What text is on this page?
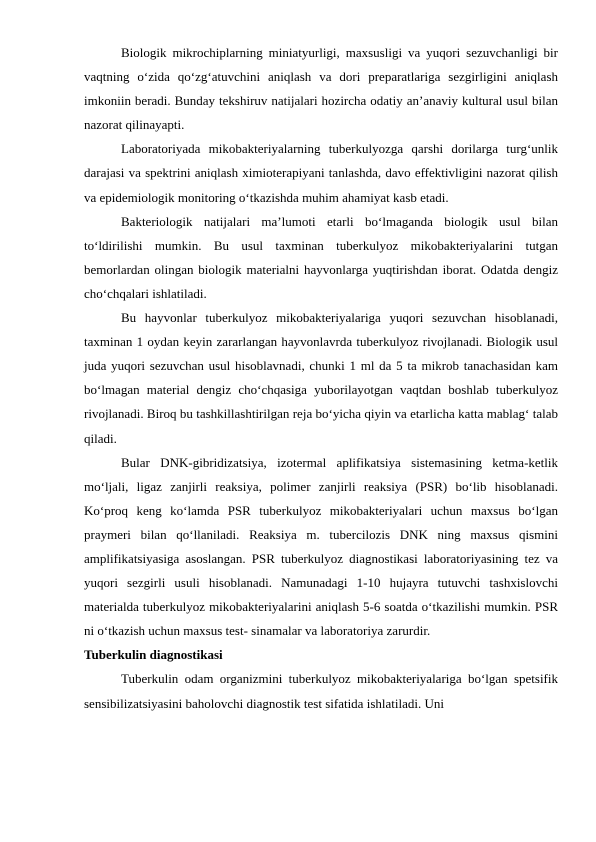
Biologik mikrochiplarning miniatyurligi, maxsusligi va yuqori sezuvchanligi bir vaqtning o‘zida qo‘zg‘atuvchini aniqlash va dori preparatlariga sezgirligini aniqlash imkoniin beradi. Bunday tekshiruv natijalari hozircha odatiy an’anaviy kultural usul bilan nazorat qilinayapti.

Laboratoriyada mikobakteriyalarning tuberkulyozga qarshi dorilarga turg‘unlik darajasi va spektrini aniqlash ximioterapiyani tanlashda, davo effektivligini nazorat qilish va epidemiologik monitoring o‘tkazishda muhim ahamiyat kasb etadi.

Bakteriologik natijalari ma’lumoti etarli bo‘lmaganda biologik usul bilan to‘ldirilishi mumkin. Bu usul taxminan tuberkulyoz mikobakteriyalarini tutgan bemorlardan olingan biologik materialni hayvonlarga yuqtirishdan iborat. Odatda dengiz cho‘chqalari ishlatiladi.

Bu hayvonlar tuberkulyoz mikobakteriyalariga yuqori sezuvchan hisoblanadi, taxminan 1 oydan keyin zararlangan hayvonlavrda tuberkulyoz rivojlanadi. Biologik usul juda yuqori sezuvchan usul hisoblavnadi, chunki 1 ml da 5 ta mikrob tanachasidan kam bo‘lmagan material dengiz cho‘chqasiga yuborilayotgan vaqtdan boshlab tuberkulyoz rivojlanadi. Biroq bu tashkillashtirilgan reja bo‘yicha qiyin va etarlicha katta mablag‘ talab qiladi.

Bular DNK-gibridizatsiya, izotermal aplifikatsiya sistemasining ketma-ketlik mo‘ljali, ligaz zanjirli reaksiya, polimer zanjirli reaksiya (PSR) bo‘lib hisoblanadi. Ko‘proq keng ko‘lamda PSR tuberkulyoz mikobakteriyalari uchun maxsus bo‘lgan praymeri bilan qo‘llaniladi. Reaksiya m. tubercilozis DNK ning maxsus qismini amplifikatsiyasiga asoslangan. PSR tuberkulyoz diagnostikasi laboratoriyasining tez va yuqori sezgirli usuli hisoblanadi. Namunadagi 1-10 hujayra tutuvchi tashxislovchi materialda tuberkulyoz mikobakteriyalarini aniqlash 5-6 soatda o‘tkazilishi mumkin. PSR ni o‘tkazish uchun maxsus test- sinamalar va laboratoriya zarurdir.

Tuberkulin diagnostikasi

Tuberkulin odam organizmini tuberkulyoz mikobakteriyalariga bo‘lgan spetsifik sensibilizatsiyasini baholovchi diagnostik test sifatida ishlatiladi. Uni
